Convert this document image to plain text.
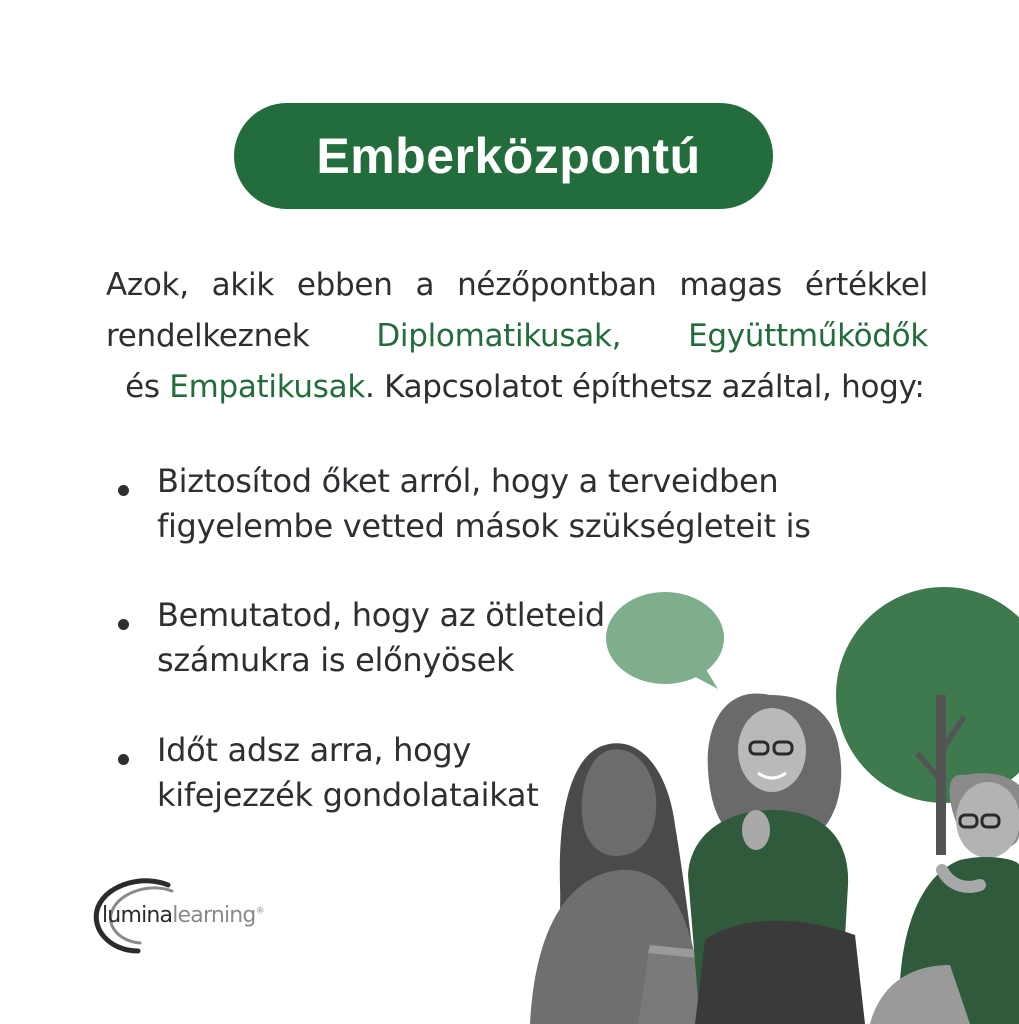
Emberközpontú

Azok, akik ebben a nézőpontban magas értékkel rendelkeznek Diplomatikusak, Együttműködők  és Empatikusak. Kapcsolatot építhetsz azáltal, hogy:

Biztosítod őket arról, hogy a terveidben
figyelembe vetted mások szükségleteit is
Bemutatod, hogy az ötleteid
számukra is előnyösek
Időt adsz arra, hogy
kifejezzék gondolataikat
luminalearning®
